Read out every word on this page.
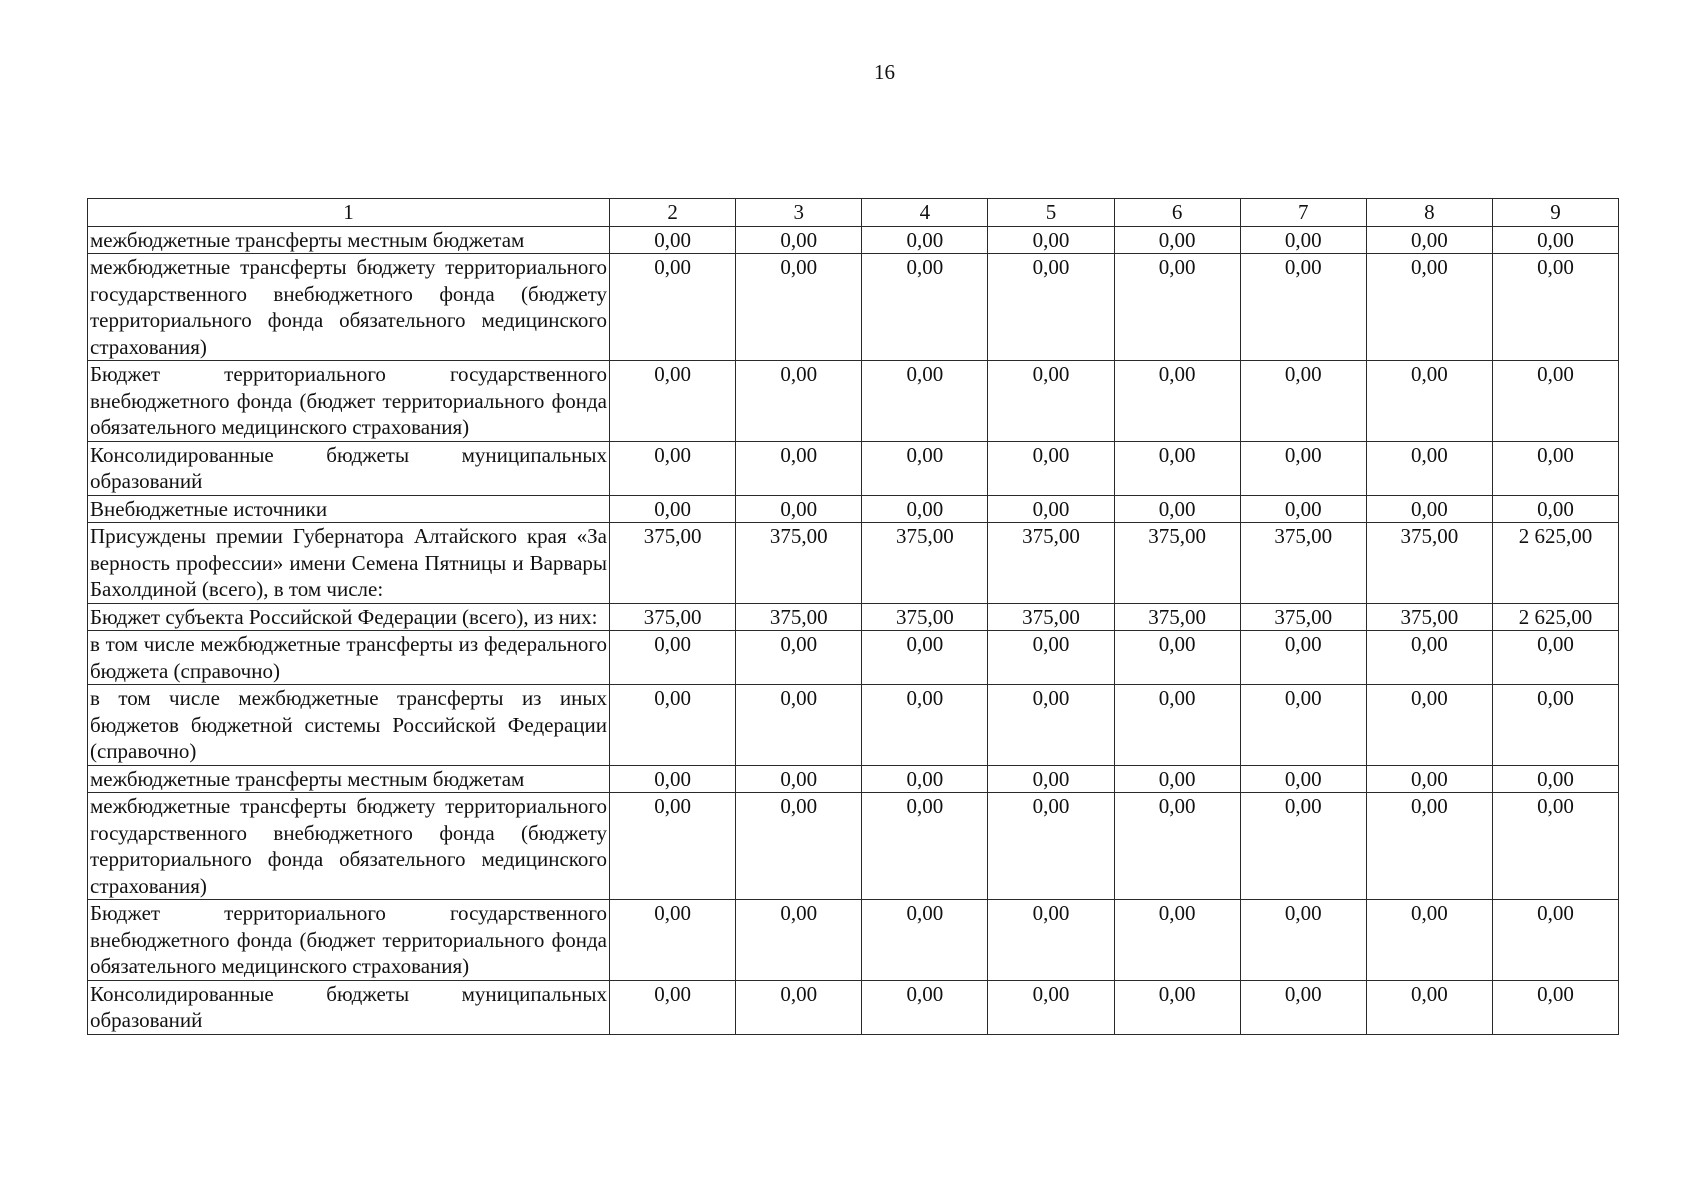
16
1	2	3	4	5	6	7	8	9
межбюджетные трансферты местным бюджетам	0,00	0,00	0,00	0,00	0,00	0,00	0,00	0,00
межбюджетные трансферты бюджету территориального государственного внебюджетного фонда (бюджету территориального фонда обязательного медицинского страхования)	0,00	0,00	0,00	0,00	0,00	0,00	0,00	0,00
Бюджет территориального государственного внебюджетного фонда (бюджет территориального фонда обязательного медицинского страхования)	0,00	0,00	0,00	0,00	0,00	0,00	0,00	0,00
Консолидированные бюджеты муниципальных образований	0,00	0,00	0,00	0,00	0,00	0,00	0,00	0,00
Внебюджетные источники	0,00	0,00	0,00	0,00	0,00	0,00	0,00	0,00
Присуждены премии Губернатора Алтайского края «За верность профессии» имени Семена Пятницы и Варвары Бахолдиной (всего), в том числе:	375,00	375,00	375,00	375,00	375,00	375,00	375,00	2 625,00
Бюджет субъекта Российской Федерации (всего), из них:	375,00	375,00	375,00	375,00	375,00	375,00	375,00	2 625,00
в том числе межбюджетные трансферты из федерального бюджета (справочно)	0,00	0,00	0,00	0,00	0,00	0,00	0,00	0,00
в том числе межбюджетные трансферты из иных бюджетов бюджетной системы Российской Федерации (справочно)	0,00	0,00	0,00	0,00	0,00	0,00	0,00	0,00
межбюджетные трансферты местным бюджетам	0,00	0,00	0,00	0,00	0,00	0,00	0,00	0,00
межбюджетные трансферты бюджету территориального государственного внебюджетного фонда (бюджету территориального фонда обязательного медицинского страхования)	0,00	0,00	0,00	0,00	0,00	0,00	0,00	0,00
Бюджет территориального государственного внебюджетного фонда (бюджет территориального фонда обязательного медицинского страхования)	0,00	0,00	0,00	0,00	0,00	0,00	0,00	0,00
Консолидированные бюджеты муниципальных образований	0,00	0,00	0,00	0,00	0,00	0,00	0,00	0,00
